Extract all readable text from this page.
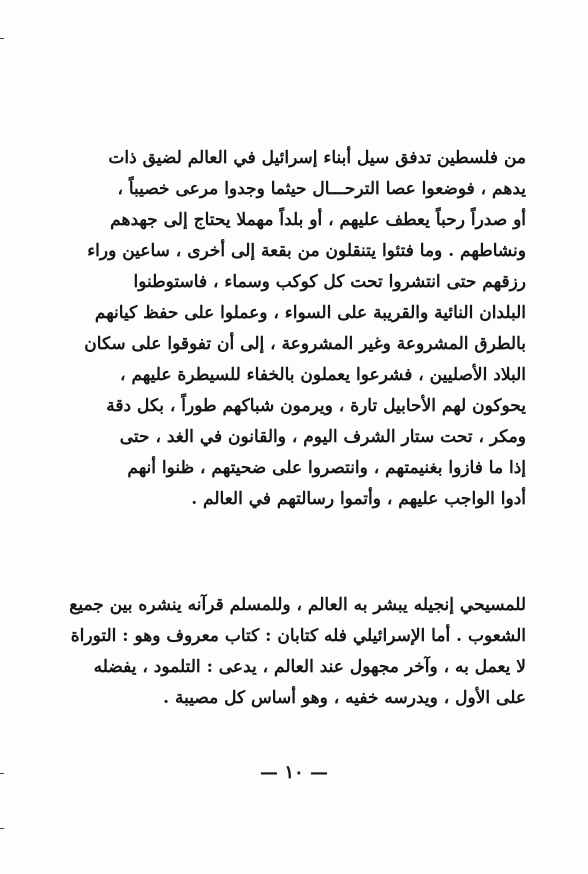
من فلسطين تدفق سيل أبناء إسرائيل في العالم لضيق ذات
يدهم ، فوضعوا عصا الترحـــال حيثما وجدوا مرعى خصيباً ،
أو صدراً رحباً يعطف عليهم ، أو بلداً مهملا يحتاج إلى جهدهم
ونشاطهم . وما فتئوا يتنقلون من بقعة إلى أخرى ، ساعين وراء
رزقهم حتى انتشروا تحت كل كوكب وسماء ، فاستوطنوا
البلدان النائية والقريبة على السواء ، وعملوا على حفظ كيانهم
بالطرق المشروعة وغير المشروعة ، إلى أن تفوقوا على سكان
البلاد الأصليين ، فشرعوا يعملون بالخفاء للسيطرة عليهم ،
يحوكون لهم الأحابيل تارة ، ويرمون شباكهم طوراً ، بكل دقة
ومكر ، تحت ستار الشرف اليوم ، والقانون في الغد ، حتى
إذا ما فازوا بغنيمتهم ، وانتصروا على ضحيتهم ، ظنوا أنهم
أدوا الواجب عليهم ، وأتموا رسالتهم في العالم .
للمسيحي إنجيله يبشر به العالم ، وللمسلم قرآنه ينشره بين جميع
الشعوب . أما الإسرائيلي فله كتابان : كتاب معروف وهو : التوراة
لا يعمل به ، وآخر مجهول عند العالم ، يدعى : التلمود ، يفضله
على الأول ، ويدرسه خفيه ، وهو أساس كل مصيبة .
— ١٠ —
